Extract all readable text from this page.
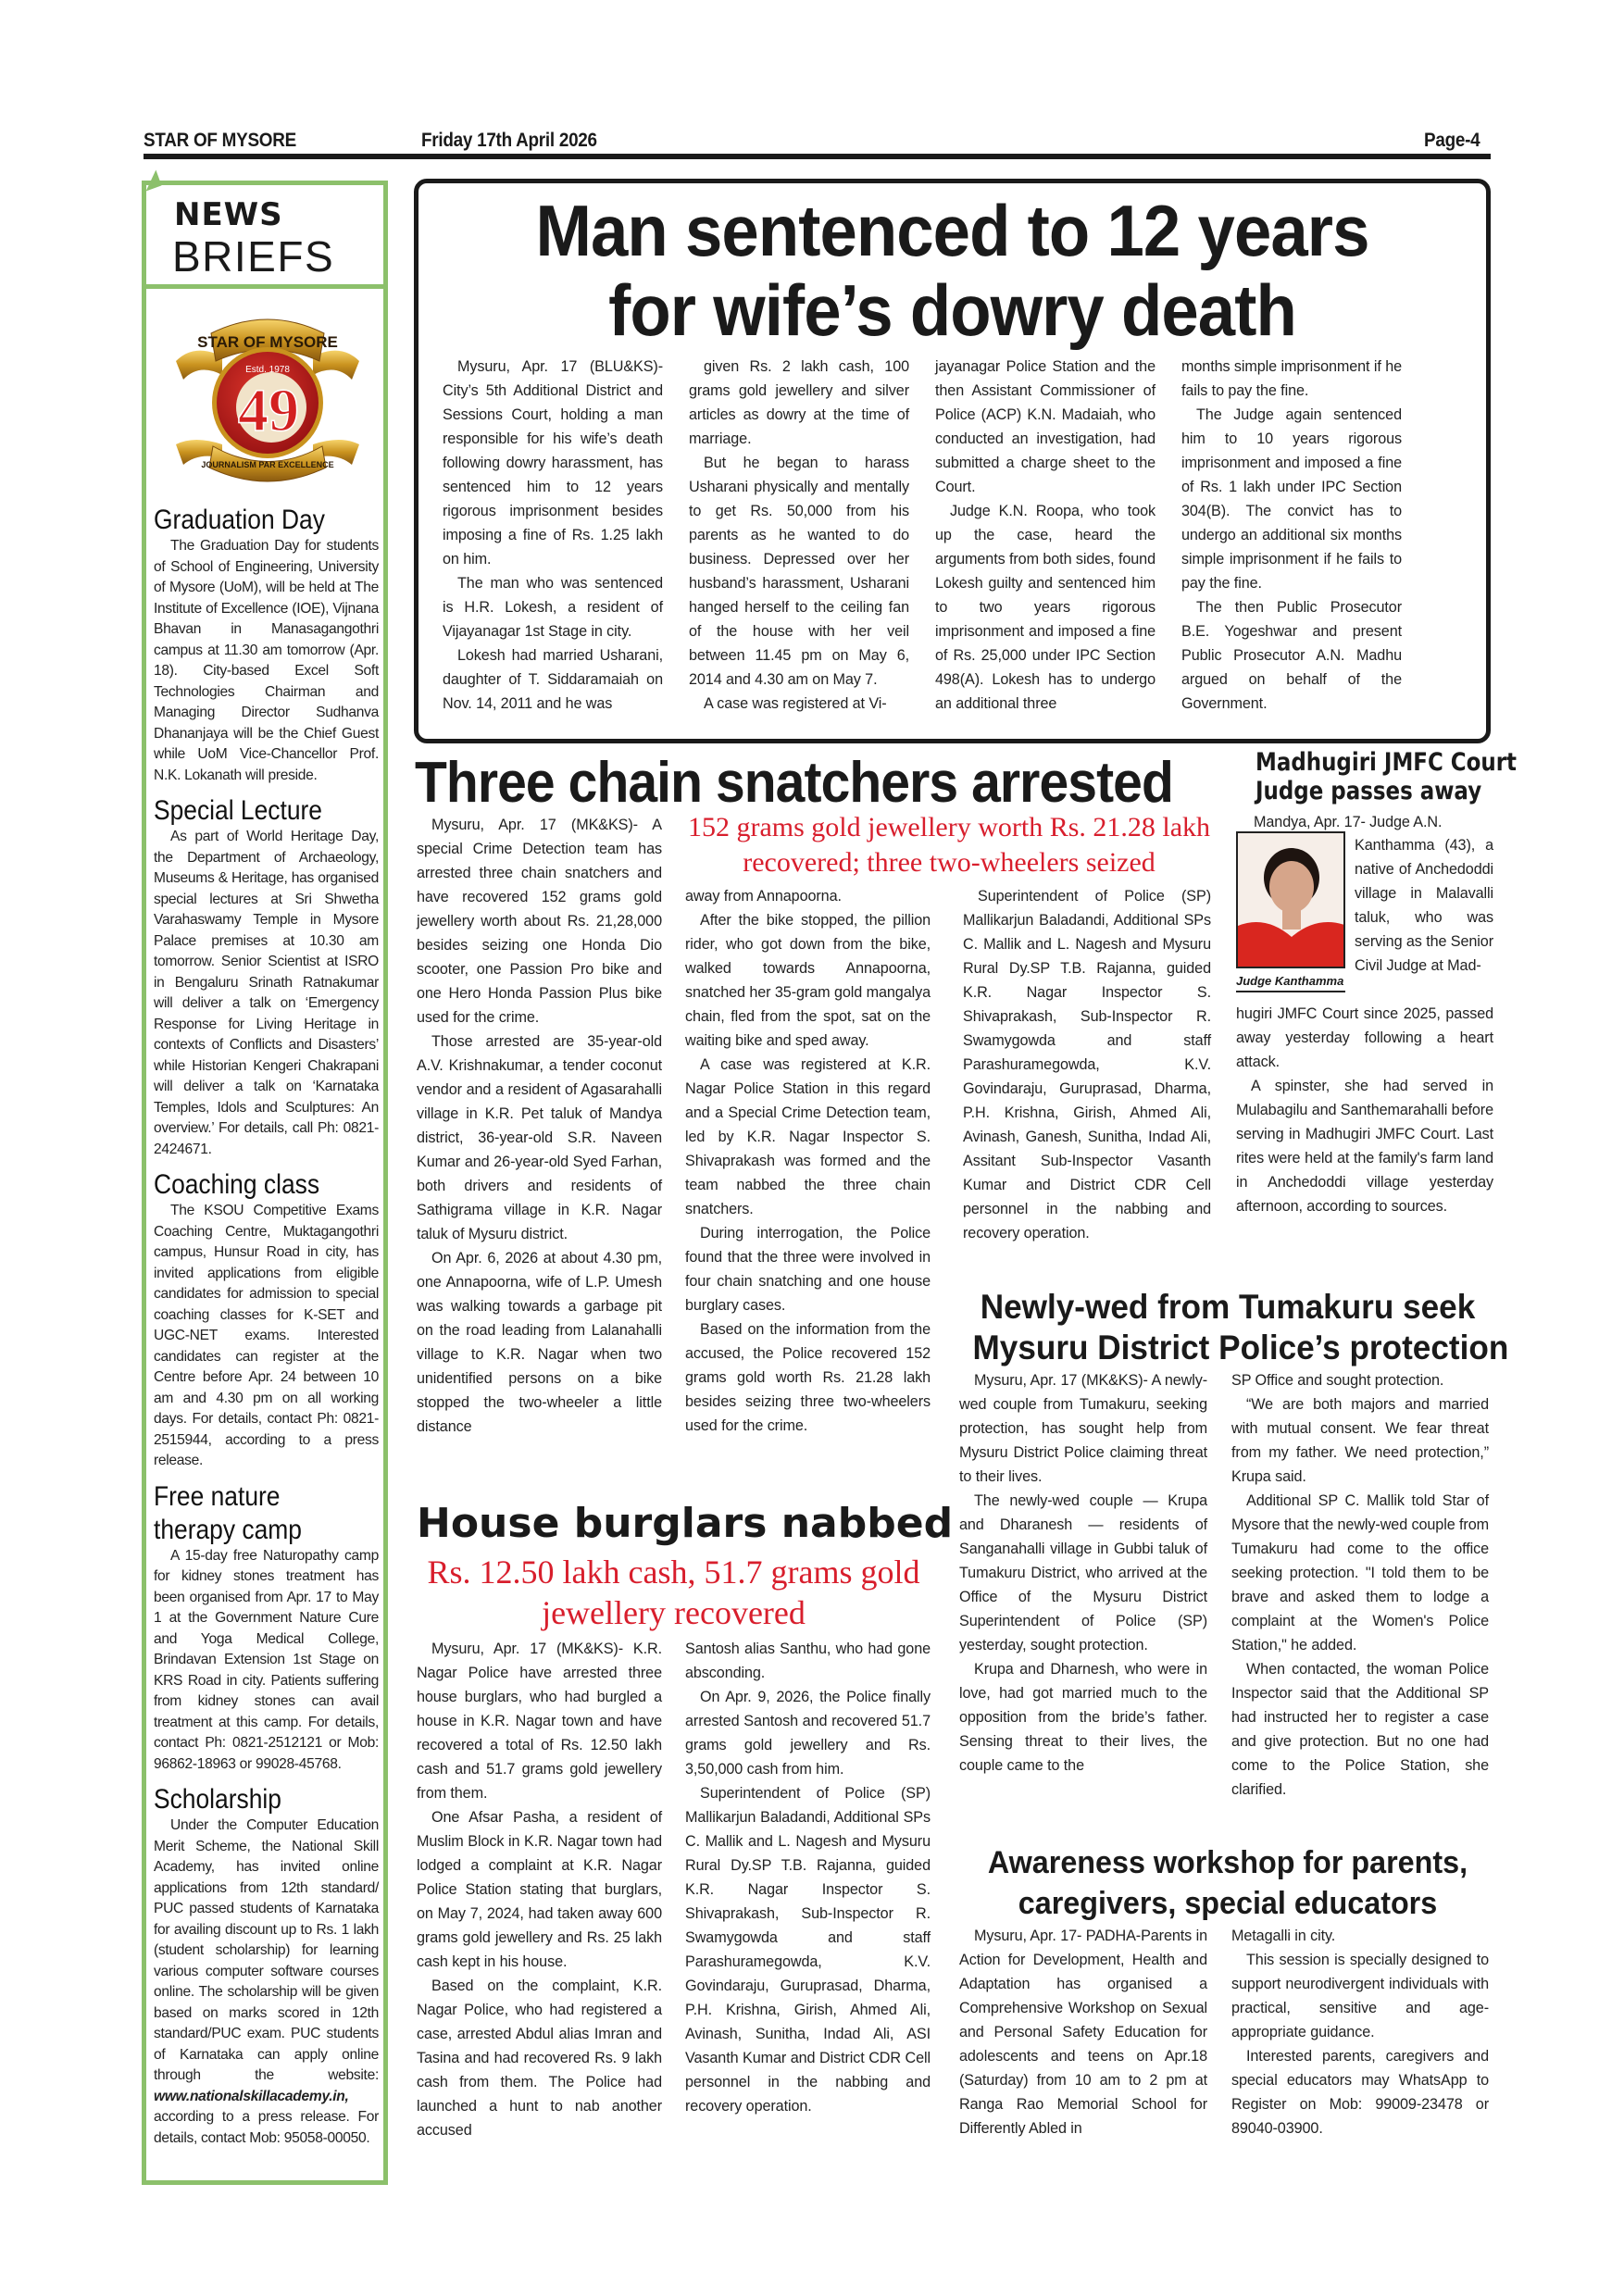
STAR OF MYSORE	Friday 17th April 2026	Page-4
NEWS
BRIEFS
STAR OF MYSORE
Estd. 1978
49
JOURNALISM PAR EXCELLENCE
Graduation Day
The Graduation Day for students of School of Engineering, University of Mysore (UoM), will be held at The Institute of Excellence (IOE), Vijnana Bhavan in Manasagangothri campus at 11.30 am tomorrow (Apr. 18). City-based Excel Soft Technologies Chairman and Managing Director Sudhanva Dhananjaya will be the Chief Guest while UoM Vice-Chancellor Prof. N.K. Lokanath will preside.
Special Lecture
As part of World Heritage Day, the Department of Archaeology, Museums & Heritage, has organised special lectures at Sri Shwetha Varahaswamy Temple in Mysore Palace premises at 10.30 am tomorrow. Senior Scientist at ISRO in Bengaluru Srinath Ratnakumar will deliver a talk on ‘Emergency Response for Living Heritage in contexts of Conflicts and Disasters’ while Historian Kengeri Chakrapani will deliver a talk on ‘Karnataka Temples, Idols and Sculptures: An overview.’ For details, call Ph: 0821-2424671.
Coaching class
The KSOU Competitive Exams Coaching Centre, Muktagangothri campus, Hunsur Road in city, has invited applications from eligible candidates for admission to special coaching classes for K-SET and UGC-NET exams. Interested candidates can register at the Centre before Apr. 24 between 10 am and 4.30 pm on all working days. For details, contact Ph: 0821-2515944, according to a press release.
Free nature
therapy camp
A 15-day free Naturopathy camp for kidney stones treatment has been organised from Apr. 17 to May 1 at the Government Nature Cure and Yoga Medical College, Brindavan Extension 1st Stage on KRS Road in city. Patients suffering from kidney stones can avail treatment at this camp. For details, contact Ph: 0821-2512121 or Mob: 96862-18963 or 99028-45768.
Scholarship
Under the Computer Education Merit Scheme, the National Skill Academy, has invited online applications from 12th standard/ PUC passed students of Karnataka for availing discount up to Rs. 1 lakh (student scholarship) for learning various computer software courses online. The scholarship will be given based on marks scored in 12th standard/PUC exam. PUC students of Karnataka can apply online through the website: www.nationalskillacademy.in, according to a press release. For details, contact Mob: 95058-00050.
Man sentenced to 12 years
for wife’s dowry death

Mysuru, Apr. 17 (BLU&KS)- City’s 5th Additional District and Sessions Court, holding a man responsible for his wife’s death following dowry harassment, has sentenced him to 12 years rigorous imprisonment besides imposing a fine of Rs. 1.25 lakh on him.

The man who was sentenced is H.R. Lokesh, a resident of Vijayanagar 1st Stage in city.

Lokesh had married Usharani, daughter of T. Siddaramaiah on Nov. 14, 2011 and he was

given Rs. 2 lakh cash, 100 grams gold jewellery and silver articles as dowry at the time of marriage.

But he began to harass Usharani physically and mentally to get Rs. 50,000 from his parents as he wanted to do business. Depressed over her husband’s harassment, Usharani hanged herself to the ceiling fan of the house with her veil between 11.45 pm on May 6, 2014 and 4.30 am on May 7.

A case was registered at Vi-

jayanagar Police Station and the then Assistant Commissioner of Police (ACP) K.N. Madaiah, who conducted an investigation, had submitted a charge sheet to the Court.

Judge K.N. Roopa, who took up the case, heard the arguments from both sides, found Lokesh guilty and sentenced him to two years rigorous imprisonment and imposed a fine of Rs. 25,000 under IPC Section 498(A). Lokesh has to undergo an additional three

months simple imprisonment if he fails to pay the fine.

The Judge again sentenced him to 10 years rigorous imprisonment and imposed a fine of Rs. 1 lakh under IPC Section 304(B). The convict has to undergo an additional six months simple imprisonment if he fails to pay the fine.

The then Public Prosecutor B.E. Yogeshwar and present Public Prosecutor A.N. Madhu argued on behalf of the Government.

Three chain snatchers arrested
152 grams gold jewellery worth Rs. 21.28 lakh
recovered; three two-wheelers seized

Mysuru, Apr. 17 (MK&KS)- A special Crime Detection team has arrested three chain snatchers and have recovered 152 grams gold jewellery worth about Rs. 21,28,000 besides seizing one Honda Dio scooter, one Passion Pro bike and one Hero Honda Passion Plus bike used for the crime.

Those arrested are 35-year-old A.V. Krishnakumar, a tender coconut vendor and a resident of Agasarahalli village in K.R. Pet taluk of Mandya district, 36-year-old S.R. Naveen Kumar and 26-year-old Syed Farhan, both drivers and residents of Sathigrama village in K.R. Nagar taluk of Mysuru district.

On Apr. 6, 2026 at about 4.30 pm, one Annapoorna, wife of L.P. Umesh was walking towards a garbage pit on the road leading from Lalanahalli village to K.R. Nagar when two unidentified persons on a bike stopped the two-wheeler a little distance

away from Annapoorna.

After the bike stopped, the pillion rider, who got down from the bike, walked towards Annapoorna, snatched her 35-gram gold mangalya chain, fled from the spot, sat on the waiting bike and sped away.

A case was registered at K.R. Nagar Police Station in this regard and a Special Crime Detection team, led by K.R. Nagar Inspector S. Shivaprakash was formed and the team nabbed the three chain snatchers.

During interrogation, the Police found that the three were involved in four chain snatching and one house burglary cases.

Based on the information from the accused, the Police recovered 152 grams gold worth Rs. 21.28 lakh besides seizing three two-wheelers used for the crime.

Superintendent of Police (SP) Mallikarjun Baladandi, Additional SPs C. Mallik and L. Nagesh and Mysuru Rural Dy.SP T.B. Rajanna, guided K.R. Nagar Inspector S. Shivaprakash, Sub-Inspector R. Swamygowda and staff Parashuramegowda, K.V. Govindaraju, Guruprasad, Dharma, P.H. Krishna, Girish, Ahmed Ali, Avinash, Ganesh, Sunitha, Indad Ali, Assitant Sub-Inspector Vasanth Kumar and District CDR Cell personnel in the nabbing and recovery operation.

Madhugiri JMFC Court
Judge passes away
Mandya, Apr. 17- Judge A.N.
Judge Kanthamma
Kanthamma (43), a native of Anchedoddi village in Malavalli taluk, who was serving as the Senior Civil Judge at Mad-

hugiri JMFC Court since 2025, passed away yesterday following a heart attack.

A spinster, she had served in Mulabagilu and Santhemarahalli before serving in Madhugiri JMFC Court. Last rites were held at the family's farm land in Anchedoddi village yesterday afternoon, according to sources.

House burglars nabbed
Rs. 12.50 lakh cash, 51.7 grams gold
jewellery recovered

Mysuru, Apr. 17 (MK&KS)- K.R. Nagar Police have arrested three house burglars, who had burgled a house in K.R. Nagar town and have recovered a total of Rs. 12.50 lakh cash and 51.7 grams gold jewellery from them.

One Afsar Pasha, a resident of Muslim Block in K.R. Nagar town had lodged a complaint at K.R. Nagar Police Station stating that burglars, on May 7, 2024, had taken away 600 grams gold jewellery and Rs. 25 lakh cash kept in his house.

Based on the complaint, K.R. Nagar Police, who had registered a case, arrested Abdul alias Imran and Tasina and had recovered Rs. 9 lakh cash from them. The Police had launched a hunt to nab another accused

Santosh alias Santhu, who had gone absconding.

On Apr. 9, 2026, the Police finally arrested Santosh and recovered 51.7 grams gold jewellery and Rs. 3,50,000 cash from him.

Superintendent of Police (SP) Mallikarjun Baladandi, Additional SPs C. Mallik and L. Nagesh and Mysuru Rural Dy.SP T.B. Rajanna, guided K.R. Nagar Inspector S. Shivaprakash, Sub-Inspector R. Swamygowda and staff Parashuramegowda, K.V. Govindaraju, Guruprasad, Dharma, P.H. Krishna, Girish, Ahmed Ali, Avinash, Sunitha, Indad Ali, ASI Vasanth Kumar and District CDR Cell personnel in the nabbing and recovery operation.

Newly-wed from Tumakuru seek
Mysuru District Police’s protection

Mysuru, Apr. 17 (MK&KS)- A newly-wed couple from Tumakuru, seeking protection, has sought help from Mysuru District Police claiming threat to their lives.

The newly-wed couple — Krupa and Dharanesh — residents of Sanganahalli village in Gubbi taluk of Tumakuru District, who arrived at the Office of the Mysuru District Superintendent of Police (SP) yesterday, sought protection.

Krupa and Dharnesh, who were in love, had got married much to the opposition from the bride’s father. Sensing threat to their lives, the couple came to the

SP Office and sought protection.

“We are both majors and married with mutual consent. We fear threat from my father. We need protection,” Krupa said.

Additional SP C. Mallik told Star of Mysore that the newly-wed couple from Tumakuru had come to the office seeking protection. "I told them to be brave and asked them to lodge a complaint at the Women's Police Station," he added.

When contacted, the woman Police Inspector said that the Additional SP had instructed her to register a case and give protection. But no one had come to the Police Station, she clarified.

Awareness workshop for parents,
caregivers, special educators

Mysuru, Apr. 17- PADHA-Parents in Action for Development, Health and Adaptation has organised a Comprehensive Workshop on Sexual and Personal Safety Education for adolescents and teens on Apr.18 (Saturday) from 10 am to 2 pm at Ranga Rao Memorial School for Differently Abled in

Metagalli in city.

This session is specially designed to support neurodivergent individuals with practical, sensitive and age-appropriate guidance.

Interested parents, caregivers and special educators may WhatsApp to Register on Mob: 99009-23478 or 89040-03900.
